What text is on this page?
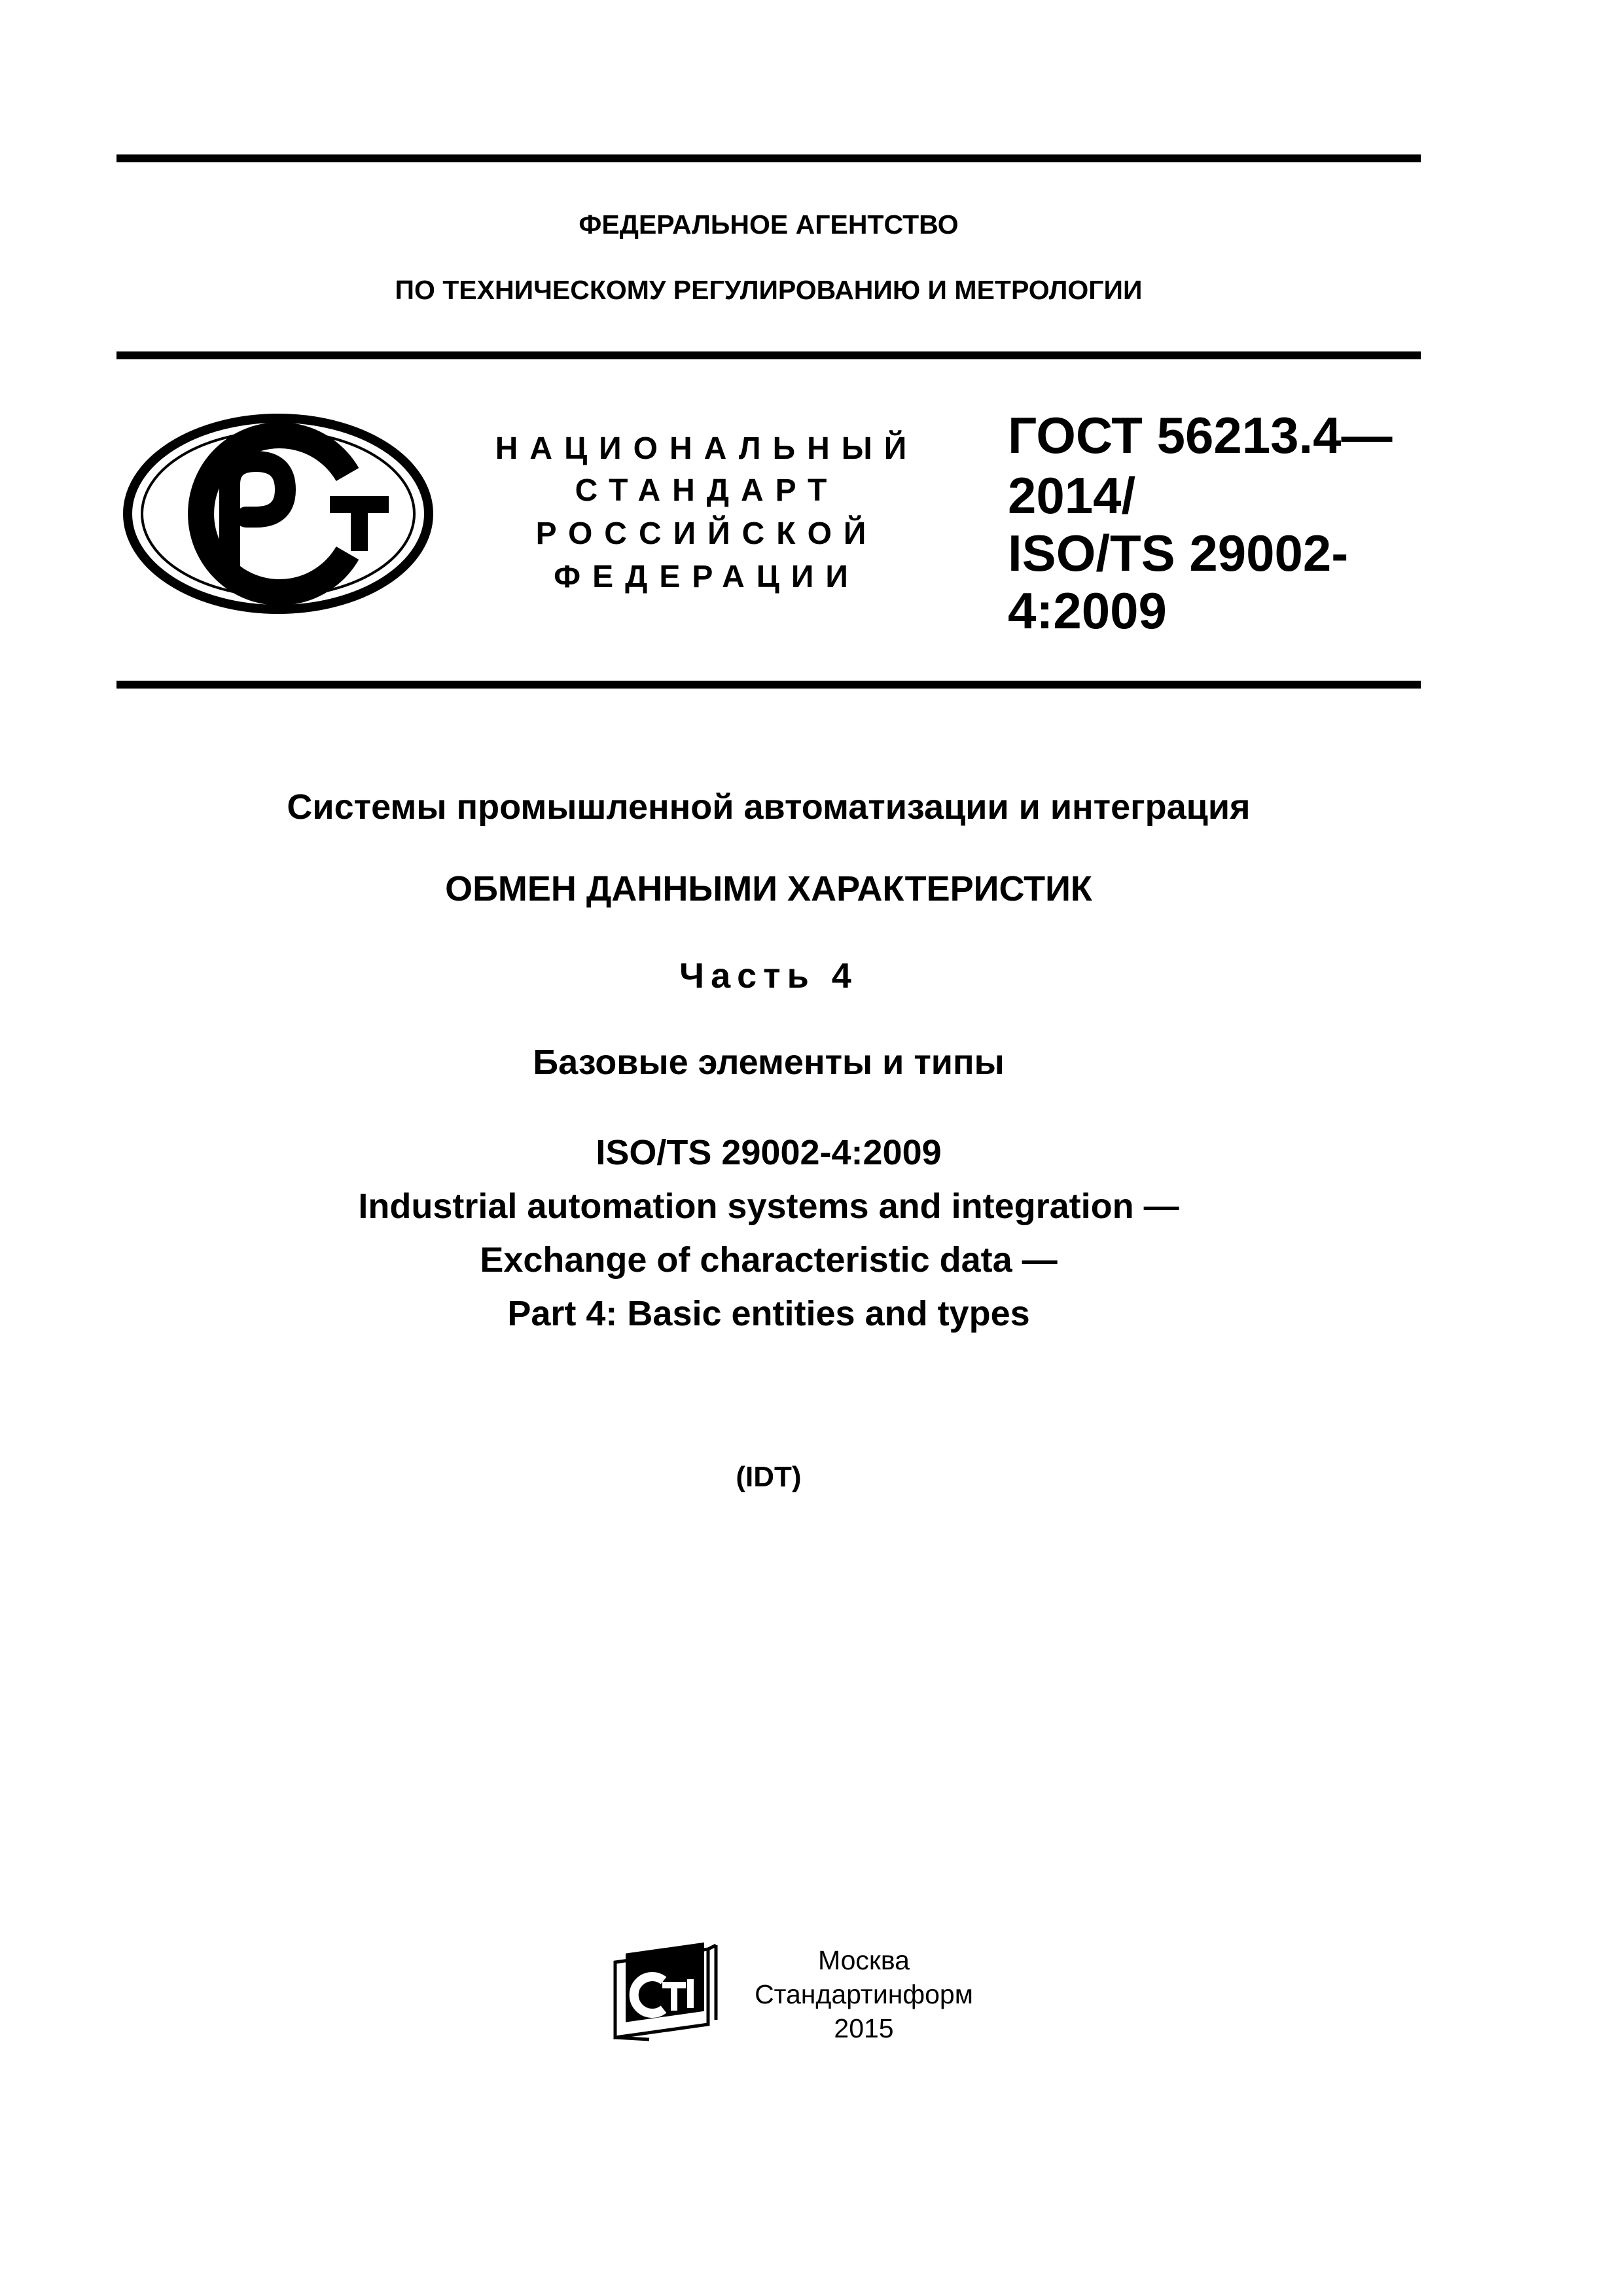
ФЕДЕРАЛЬНОЕ АГЕНТСТВО
ПО ТЕХНИЧЕСКОМУ РЕГУЛИРОВАНИЮ И МЕТРОЛОГИИ
НАЦИОНАЛЬНЫЙ
СТАНДАРТ
РОССИЙСКОЙ
ФЕДЕРАЦИИ
ГОСТ 56213.4—
2014/
ISO/TS 29002-
4:2009
Системы промышленной автоматизации и интеграция
ОБМЕН ДАННЫМИ ХАРАКТЕРИСТИК
Часть 4
Базовые элементы и типы
ISO/TS 29002-4:2009
Industrial automation systems and integration —
Exchange of characteristic data —
Part 4: Basic entities and types
(IDT)
Москва
Стандартинформ
2015
